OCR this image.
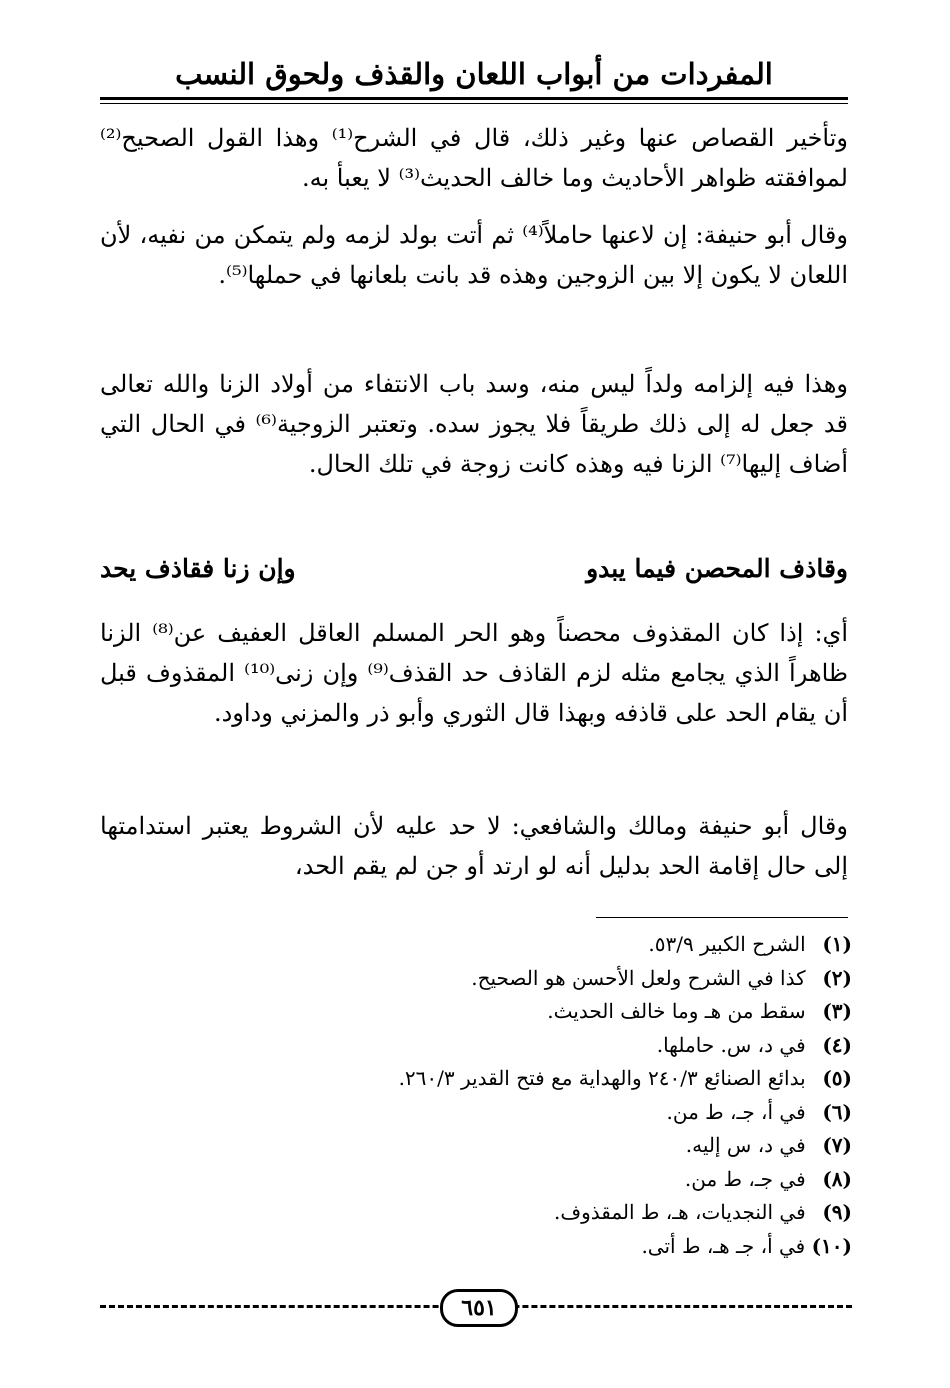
المفردات من أبواب اللعان والقذف ولحوق النسب
وتأخير القصاص عنها وغير ذلك، قال في الشرح⁽¹⁾ وهذا القول الصحيح⁽²⁾ لموافقته ظواهر الأحاديث وما خالف الحديث⁽³⁾ لا يعبأ به.
وقال أبو حنيفة: إن لاعنها حاملاً⁽⁴⁾ ثم أتت بولد لزمه ولم يتمكن من نفيه، لأن اللعان لا يكون إلا بين الزوجين وهذه قد بانت بلعانها في حملها⁽⁵⁾.
وهذا فيه إلزامه ولداً ليس منه، وسد باب الانتفاء من أولاد الزنا والله تعالى قد جعل له إلى ذلك طريقاً فلا يجوز سده. وتعتبر الزوجية⁽⁶⁾ في الحال التي أضاف إليها⁽⁷⁾ الزنا فيه وهذه كانت زوجة في تلك الحال.
وقاذف المحصن فيما يبدو
وإن زنا فقاذف يحد
أي: إذا كان المقذوف محصناً وهو الحر المسلم العاقل العفيف عن⁽⁸⁾ الزنا ظاهراً الذي يجامع مثله لزم القاذف حد القذف⁽⁹⁾ وإن زنى⁽¹⁰⁾ المقذوف قبل أن يقام الحد على قاذفه وبهذا قال الثوري وأبو ذر والمزني وداود.
وقال أبو حنيفة ومالك والشافعي: لا حد عليه لأن الشروط يعتبر استدامتها إلى حال إقامة الحد بدليل أنه لو ارتد أو جن لم يقم الحد،
(١) الشرح الكبير ٥٣/٩.
(٢) كذا في الشرح ولعل الأحسن هو الصحيح.
(٣) سقط من هـ وما خالف الحديث.
(٤) في د، س. حاملها.
(٥) بدائع الصنائع ٢٤٠/٣ والهداية مع فتح القدير ٢٦٠/٣.
(٦) في أ، جـ، ط من.
(٧) في د، س إليه.
(٨) في جـ، ط من.
(٩) في النجديات، هـ، ط المقذوف.
(١٠) في أ، جـ هـ، ط أتى.
٦٥١
